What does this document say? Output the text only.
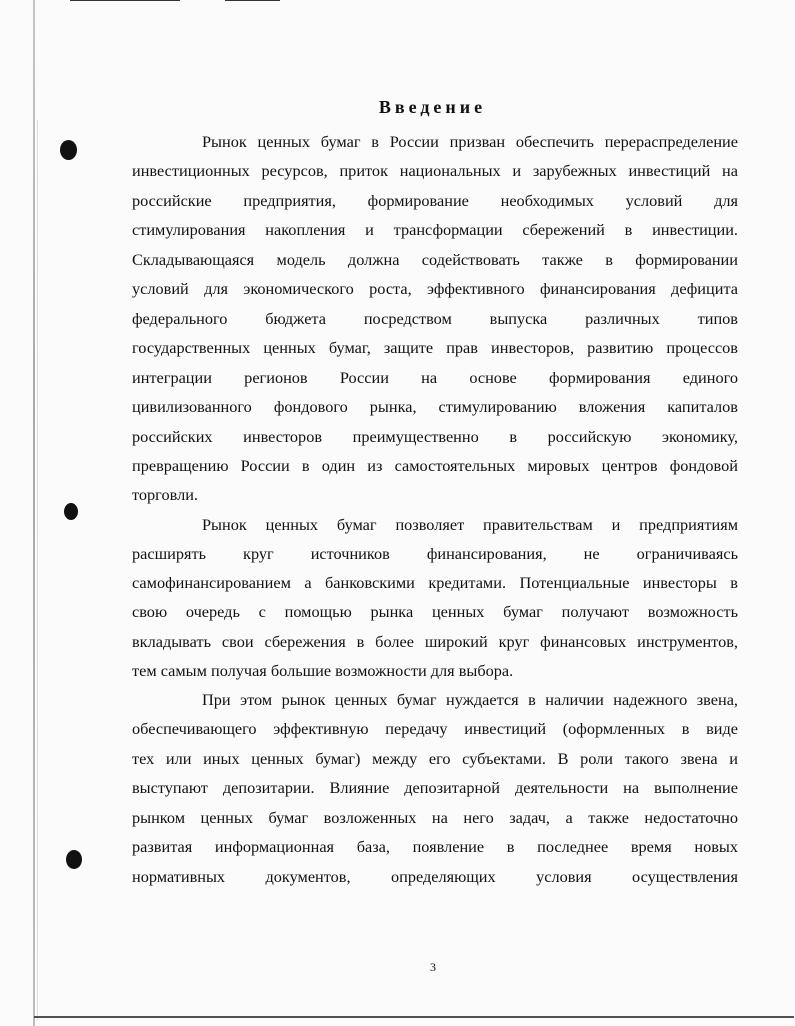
Введение
Рынок ценных бумаг в России призван обеспечить перераспределение
инвестиционных ресурсов, приток национальных и зарубежных инвестиций на
российские предприятия, формирование необходимых условий для
стимулирования накопления и трансформации сбережений в инвестиции.
Складывающаяся модель должна содействовать также в формировании
условий для экономического роста, эффективного финансирования дефицита
федерального бюджета посредством выпуска различных типов
государственных ценных бумаг, защите прав инвесторов, развитию процессов
интеграции регионов России на основе формирования единого
цивилизованного фондового рынка, стимулированию вложения капиталов
российских инвесторов преимущественно в российскую экономику,
превращению России в один из самостоятельных мировых центров фондовой
торговли.
Рынок ценных бумаг позволяет правительствам и предприятиям
расширять круг источников финансирования, не ограничиваясь
самофинансированием а банковскими кредитами. Потенциальные инвесторы в
свою очередь с помощью рынка ценных бумаг получают возможность
вкладывать свои сбережения в более широкий круг финансовых инструментов,
тем самым получая большие возможности для выбора.
При этом рынок ценных бумаг нуждается в наличии надежного звена,
обеспечивающего эффективную передачу инвестиций (оформленных в виде
тех или иных ценных бумаг) между его субъектами. В роли такого звена и
выступают депозитарии. Влияние депозитарной деятельности на выполнение
рынком ценных бумаг возложенных на него задач, а также недостаточно
развитая информационная база, появление в последнее время новых
нормативных документов, определяющих условия осуществления
3
